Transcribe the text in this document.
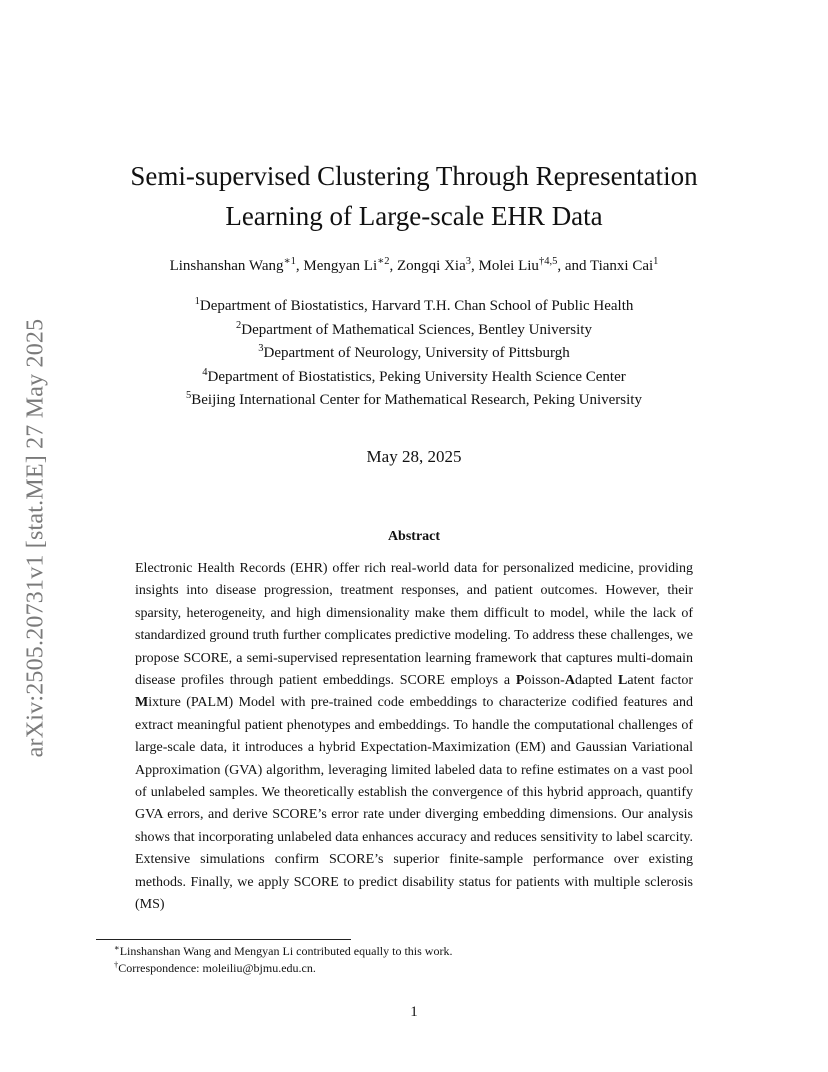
arXiv:2505.20731v1 [stat.ME] 27 May 2025
Semi-supervised Clustering Through Representation
Learning of Large-scale EHR Data
Linshanshan Wang$^{∗1}$, Mengyan $Li^{∗2}$, Zongqi Xia$^3$, Molei Liu$^{\dagger 4,5}$, and Tianxi Cai$^1$
$^1$Department of Biostatistics, Harvard T.H. Chan School of Public Health
$^2$Department of Mathematical Sciences, Bentley University
$^3$Department of Neurology, University of Pittsburgh
$^4$Department of Biostatistics, Peking University Health Science Center
$^5$Beijing International Center for Mathematical Research, Peking University
May 28, 2025
Abstract
Electronic Health Records (EHR) offer rich real-world data for personalized medicine, providing insights into disease progression, treatment responses, and patient outcomes. However, their sparsity, heterogeneity, and high dimensionality make them difficult to model, while the lack of standardized ground truth further complicates predictive modeling. To address these challenges, we propose SCORE, a semi-supervised representation learning framework that captures multi-domain disease profiles through patient embeddings. SCORE employs a Poisson-Adapted Latent factor Mixture (PALM) Model with pre-trained code embeddings to characterize codified features and extract meaningful patient phenotypes and embeddings. To handle the computational challenges of large-scale data, it introduces a hybrid Expectation-Maximization (EM) and Gaussian Variational Approximation (GVA) algorithm, leveraging limited labeled data to refine estimates on a vast pool of unlabeled samples. We theoretically establish the convergence of this hybrid approach, quantify GVA errors, and derive SCORE’s error rate under diverging embedding dimensions. Our analysis shows that incorporating unlabeled data enhances accuracy and reduces sensitivity to label scarcity. Extensive simulations confirm SCORE’s superior finite-sample performance over existing methods. Finally, we apply SCORE to predict disability status for patients with multiple sclerosis (MS)
∗Linshanshan Wang and Mengyan Li contributed equally to this work.
†Correspondence: moleiliu@bjmu.edu.cn.
1
